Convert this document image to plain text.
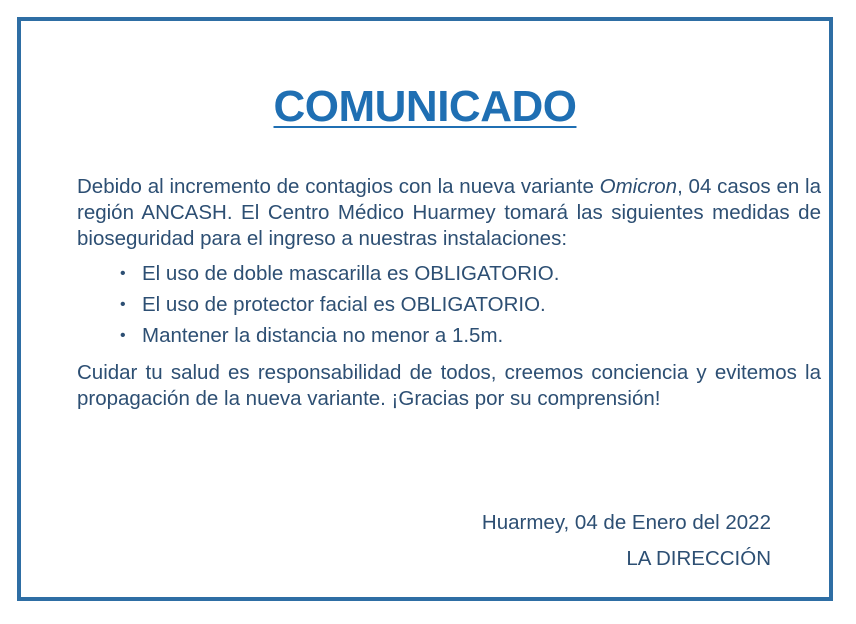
COMUNICADO

Debido al incremento de contagios con la nueva variante Omicron, 04 casos en la región ANCASH. El Centro Médico Huarmey tomará las siguientes medidas de bioseguridad para el ingreso a nuestras instalaciones:

• El uso de doble mascarilla es OBLIGATORIO.
• El uso de protector facial es OBLIGATORIO.
• Mantener la distancia no menor a 1.5m.

Cuidar tu salud es responsabilidad de todos, creemos conciencia y evitemos la propagación de la nueva variante. ¡Gracias por su comprensión!

Huarmey, 04 de Enero del 2022
LA DIRECCIÓN
